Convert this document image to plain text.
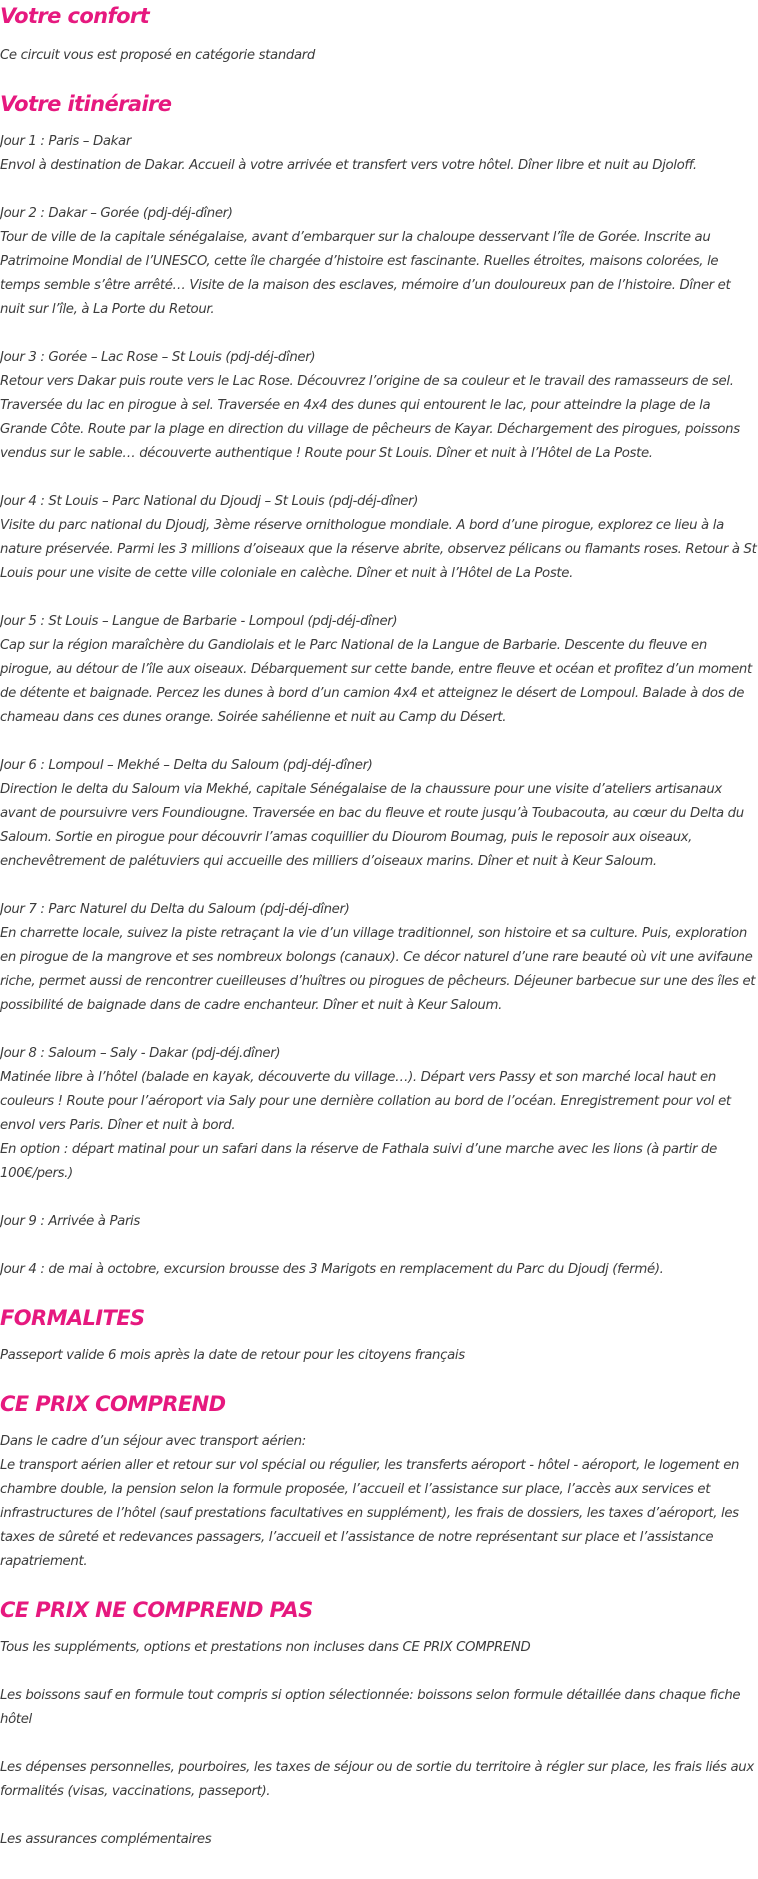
Votre confort

Ce circuit vous est proposé en catégorie standard

Votre itinéraire

Jour 1 : Paris – Dakar

Envol à destination de Dakar. Accueil à votre arrivée et transfert vers votre hôtel. Dîner libre et nuit au Djoloff.

Jour 2 : Dakar – Gorée (pdj-déj-dîner)

Tour de ville de la capitale sénégalaise, avant d’embarquer sur la chaloupe desservant l’île de Gorée. Inscrite au Patrimoine Mondial de l’UNESCO, cette île chargée d’histoire est fascinante. Ruelles étroites, maisons colorées, le temps semble s’être arrêté… Visite de la maison des esclaves, mémoire d’un douloureux pan de l’histoire. Dîner et nuit sur l’île, à La Porte du Retour.

Jour 3 : Gorée – Lac Rose – St Louis (pdj-déj-dîner)

Retour vers Dakar puis route vers le Lac Rose. Découvrez l’origine de sa couleur et le travail des ramasseurs de sel. Traversée du lac en pirogue à sel. Traversée en 4x4 des dunes qui entourent le lac, pour atteindre la plage de la Grande Côte. Route par la plage en direction du village de pêcheurs de Kayar. Déchargement des pirogues, poissons vendus sur le sable… découverte authentique ! Route pour St Louis. Dîner et nuit à l’Hôtel de La Poste.

Jour 4 : St Louis – Parc National du Djoudj – St Louis (pdj-déj-dîner)

Visite du parc national du Djoudj, 3ème réserve ornithologue mondiale. A bord d’une pirogue, explorez ce lieu à la nature préservée. Parmi les 3 millions d’oiseaux que la réserve abrite, observez pélicans ou flamants roses. Retour à St Louis pour une visite de cette ville coloniale en calèche. Dîner et nuit à l’Hôtel de La Poste.

Jour 5 : St Louis – Langue de Barbarie - Lompoul (pdj-déj-dîner)

Cap sur la région maraîchère du Gandiolais et le Parc National de la Langue de Barbarie. Descente du fleuve en pirogue, au détour de l’île aux oiseaux. Débarquement sur cette bande, entre fleuve et océan et profitez d’un moment de détente et baignade. Percez les dunes à bord d’un camion 4x4 et atteignez le désert de Lompoul. Balade à dos de chameau dans ces dunes orange. Soirée sahélienne et nuit au Camp du Désert.

Jour 6 : Lompoul – Mekhé – Delta du Saloum (pdj-déj-dîner)

Direction le delta du Saloum via Mekhé, capitale Sénégalaise de la chaussure pour une visite d’ateliers artisanaux avant de poursuivre vers Foundiougne. Traversée en bac du fleuve et route jusqu’à Toubacouta, au cœur du Delta du Saloum. Sortie en pirogue pour découvrir l’amas coquillier du Diourom Boumag, puis le reposoir aux oiseaux, enchevêtrement de palétuviers qui accueille des milliers d’oiseaux marins. Dîner et nuit à Keur Saloum.

Jour 7 : Parc Naturel du Delta du Saloum (pdj-déj-dîner)

En charrette locale, suivez la piste retraçant la vie d’un village traditionnel, son histoire et sa culture. Puis, exploration en pirogue de la mangrove et ses nombreux bolongs (canaux). Ce décor naturel d’une rare beauté où vit une avifaune riche, permet aussi de rencontrer cueilleuses d’huîtres ou pirogues de pêcheurs. Déjeuner barbecue sur une des îles et possibilité de baignade dans de cadre enchanteur. Dîner et nuit à Keur Saloum.

Jour 8 : Saloum – Saly - Dakar (pdj-déj.dîner)

Matinée libre à l’hôtel (balade en kayak, découverte du village…). Départ vers Passy et son marché local haut en couleurs ! Route pour l’aéroport via Saly pour une dernière collation au bord de l’océan. Enregistrement pour vol et envol vers Paris. Dîner et nuit à bord.

En option : départ matinal pour un safari dans la réserve de Fathala suivi d’une marche avec les lions (à partir de 100€/pers.)

Jour 9 : Arrivée à Paris

Jour 4 : de mai à octobre, excursion brousse des 3 Marigots en remplacement du Parc du Djoudj (fermé).

FORMALITES

Passeport valide 6 mois après la date de retour pour les citoyens français

CE PRIX COMPREND

Dans le cadre d’un séjour avec transport aérien:

Le transport aérien aller et retour sur vol spécial ou régulier, les transferts aéroport - hôtel - aéroport, le logement en chambre double, la pension selon la formule proposée, l’accueil et l’assistance sur place, l’accès aux services et infrastructures de l’hôtel (sauf prestations facultatives en supplément), les frais de dossiers, les taxes d’aéroport, les taxes de sûreté et redevances passagers, l’accueil et l’assistance de notre représentant sur place et l’assistance rapatriement.

CE PRIX NE COMPREND PAS

Tous les suppléments, options et prestations non incluses dans CE PRIX COMPREND

Les boissons sauf en formule tout compris si option sélectionnée: boissons selon formule détaillée dans chaque fiche hôtel

Les dépenses personnelles, pourboires, les taxes de séjour ou de sortie du territoire à régler sur place, les frais liés aux formalités (visas, vaccinations, passeport).

Les assurances complémentaires
